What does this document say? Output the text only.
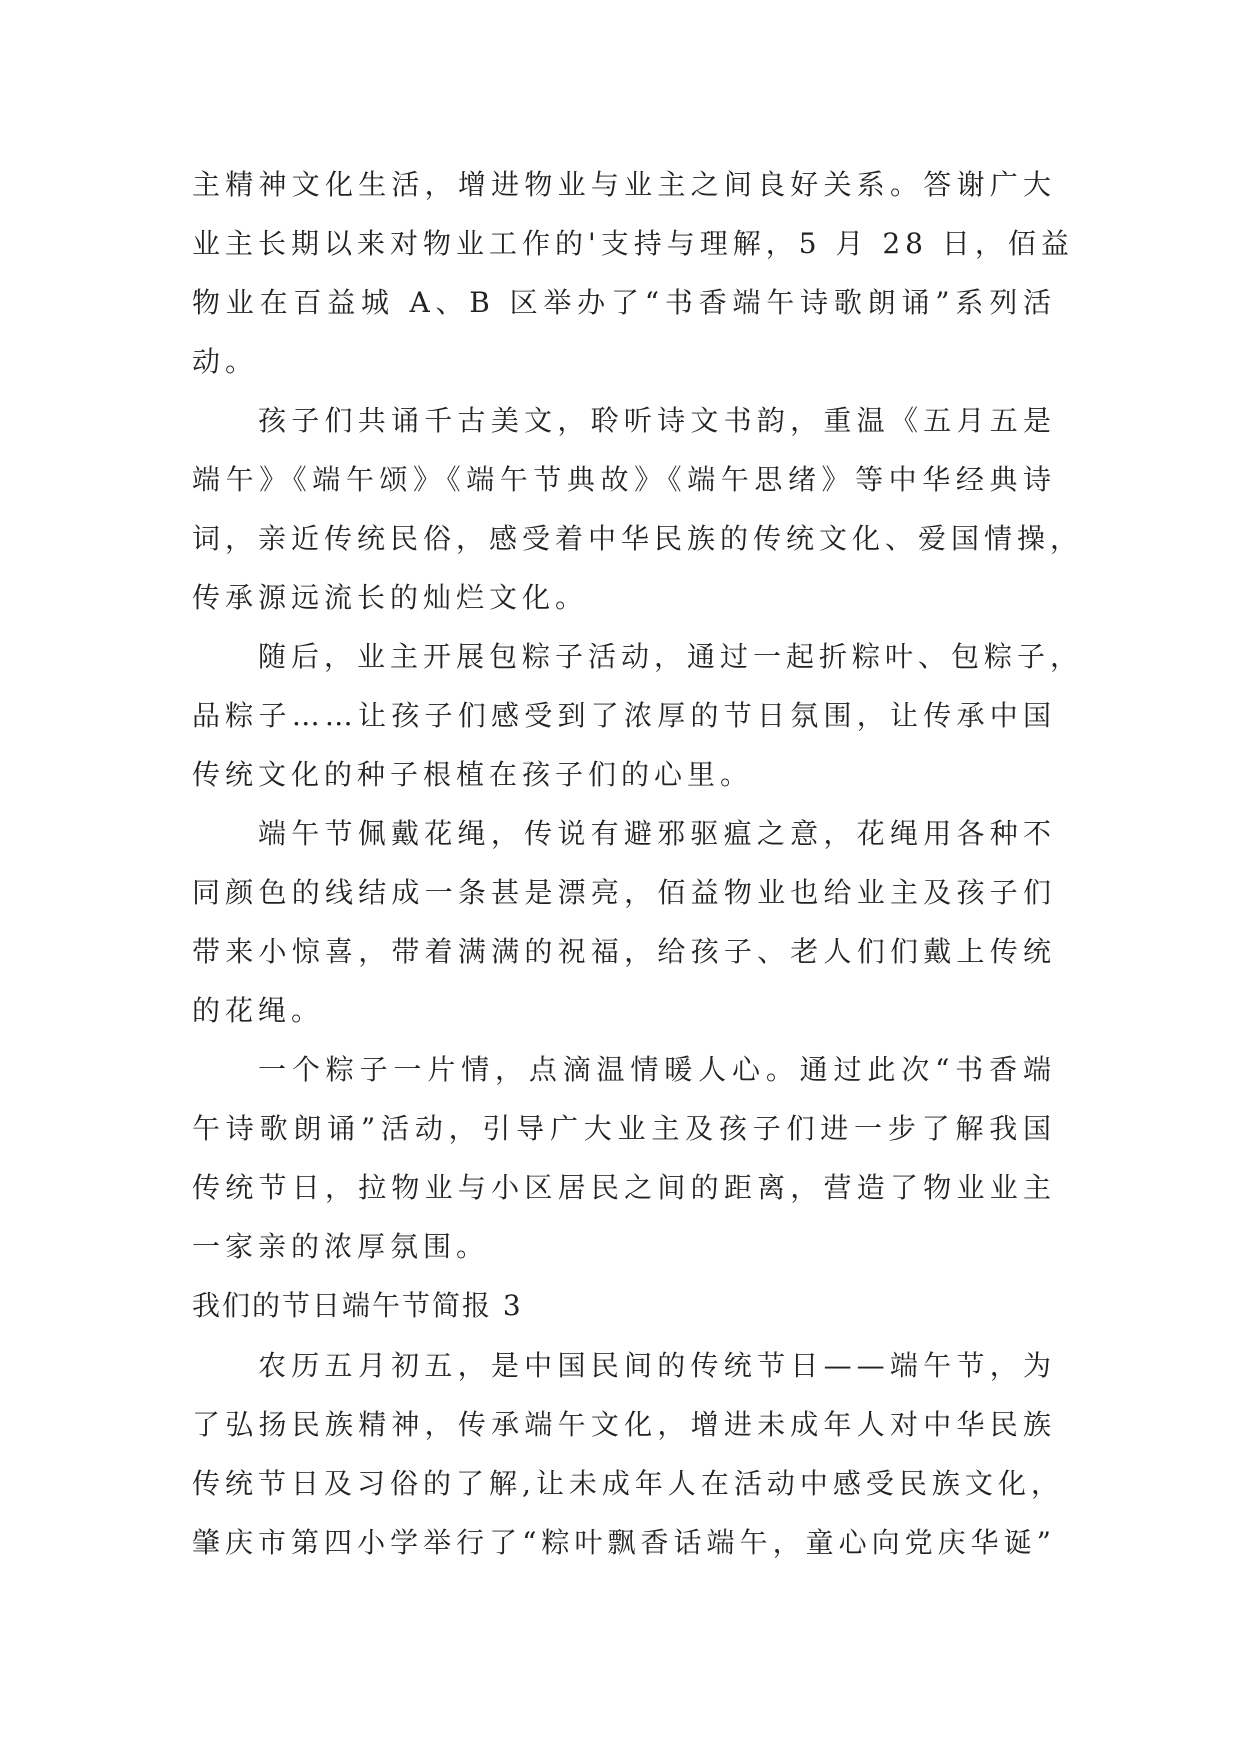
主精神文化生活，增进物业与业主之间良好关系。答谢广大
业主长期以来对物业工作的'支持与理解，5 月 28 日，佰益
物业在百益城 A、B 区举办了“书香端午诗歌朗诵”系列活
动。
孩子们共诵千古美文，聆听诗文书韵，重温《五月五是
端午》《端午颂》《端午节典故》《端午思绪》等中华经典诗
词，亲近传统民俗，感受着中华民族的传统文化、爱国情操，
传承源远流长的灿烂文化。
随后，业主开展包粽子活动，通过一起折粽叶、包粽子，
品粽子……让孩子们感受到了浓厚的节日氛围，让传承中国
传统文化的种子根植在孩子们的心里。
端午节佩戴花绳，传说有避邪驱瘟之意，花绳用各种不
同颜色的线结成一条甚是漂亮，佰益物业也给业主及孩子们
带来小惊喜，带着满满的祝福，给孩子、老人们们戴上传统
的花绳。
一个粽子一片情，点滴温情暖人心。通过此次“书香端
午诗歌朗诵”活动，引导广大业主及孩子们进一步了解我国
传统节日，拉物业与小区居民之间的距离，营造了物业业主
一家亲的浓厚氛围。
我们的节日端午节简报 3
农历五月初五，是中国民间的传统节日——端午节，为
了弘扬民族精神，传承端午文化，增进未成年人对中华民族
传统节日及习俗的了解,让未成年人在活动中感受民族文化，
肇庆市第四小学举行了“粽叶飘香话端午，童心向党庆华诞”
